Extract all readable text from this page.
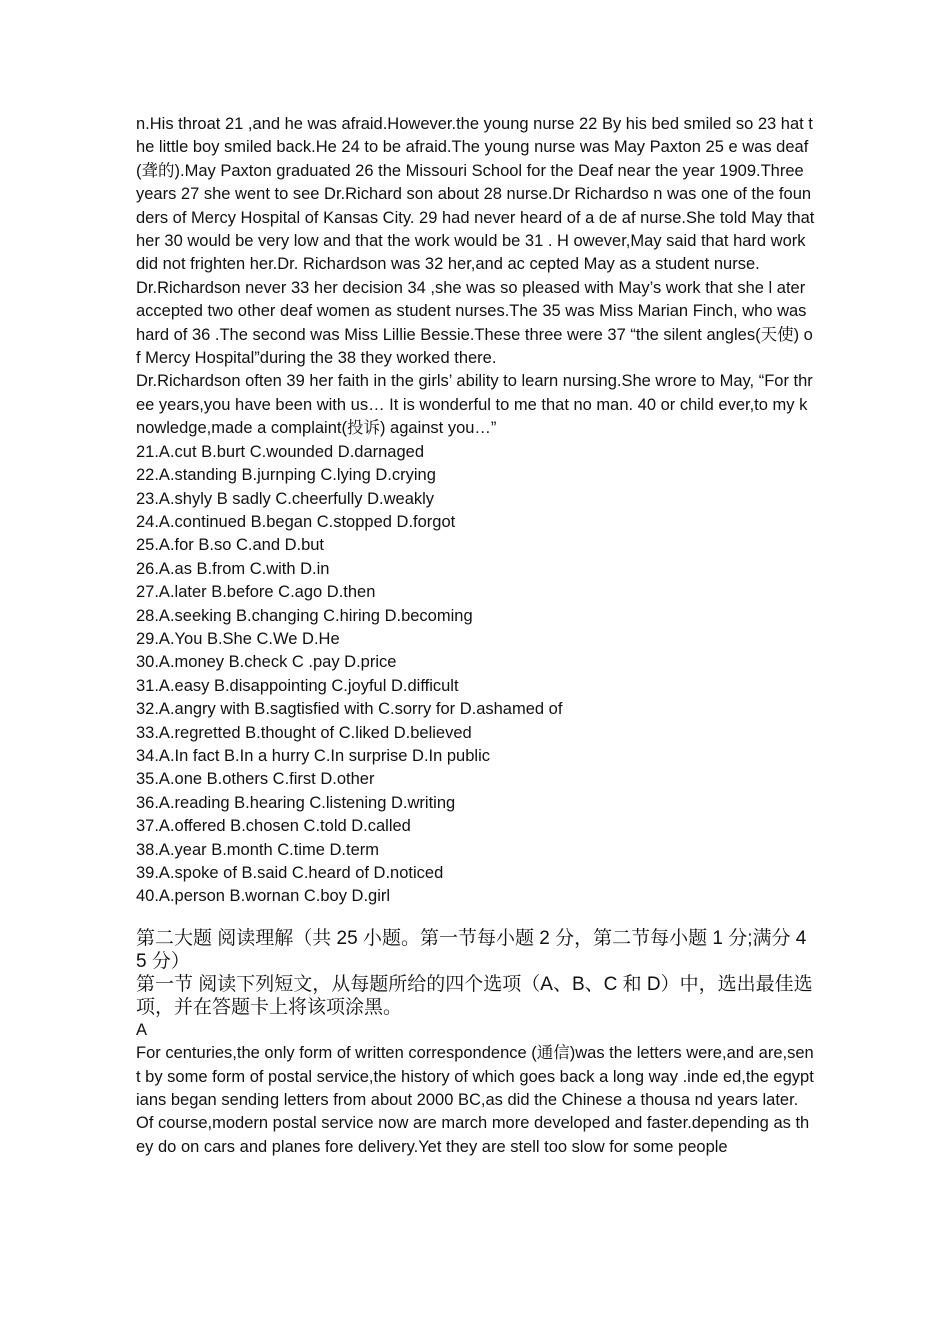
n.His throat 21 ,and he was afraid.However.the young nurse 22 By his bed smiled so 23 hat the little boy smiled back.He 24 to be afraid.The young nurse was May Paxton 25 e was deaf (聋的).May Paxton graduated 26 the Missouri School for the Deaf near the year 1909.Three years 27 she went to see Dr.Richard son about 28 nurse.Dr Richardso n was one of the founders of Mercy Hospital of Kansas City. 29 had never heard of a de af nurse.She told May that her 30 would be very low and that the work would be 31 . H owever,May said that hard work did not frighten her.Dr. Richardson was 32 her,and ac cepted May as a student nurse.

Dr.Richardson never 33 her decision 34 ,she was so pleased with May’s work that she l ater accepted two other deaf women as student nurses.The 35 was Miss Marian Finch, who was hard of 36 .The second was Miss Lillie Bessie.These three were 37 “the silent angles(天使) of Mercy Hospital”during the 38 they worked there.

Dr.Richardson often 39 her faith in the girls’ ability to learn nursing.She wrore to May, “For three years,you have been with us… It is wonderful to me that no man. 40 or child ever,to my knowledge,made a complaint(投诉) against you…”

21.A.cut B.burt C.wounded D.darnaged

22.A.standing B.jurnping C.lying D.crying

23.A.shyly B sadly C.cheerfully D.weakly

24.A.continued B.began C.stopped D.forgot

25.A.for B.so C.and D.but

26.A.as B.from C.with D.in

27.A.later B.before C.ago D.then

28.A.seeking B.changing C.hiring D.becoming

29.A.You B.She C.We D.He

30.A.money B.check C .pay D.price

31.A.easy B.disappointing C.joyful D.difficult

32.A.angry with B.sagtisfied with C.sorry for D.ashamed of

33.A.regretted B.thought of C.liked D.believed

34.A.In fact B.In a hurry C.In surprise D.In public

35.A.one B.others C.first D.other

36.A.reading B.hearing C.listening D.writing

37.A.offered B.chosen C.told D.called

38.A.year B.month C.time D.term

39.A.spoke of B.said C.heard of D.noticed

40.A.person B.wornan C.boy D.girl

第二大题 阅读理解（共 25 小题。第一节每小题 2 分，第二节每小题 1 分;满分 45 分）

第一节 阅读下列短文，从每题所给的四个选项（A、B、C 和 D）中，选出最佳选项，并在答题卡上将该项涂黑。

A

For centuries,the only form of written correspondence (通信)was the letters were,and are,sent by some form of postal service,the history of which goes back a long way .inde ed,the egyptians began sending letters from about 2000 BC,as did the Chinese a thousa nd years later.

Of course,modern postal service now are march more developed and faster.depending as they do on cars and planes fore delivery.Yet they are stell too slow for some people
